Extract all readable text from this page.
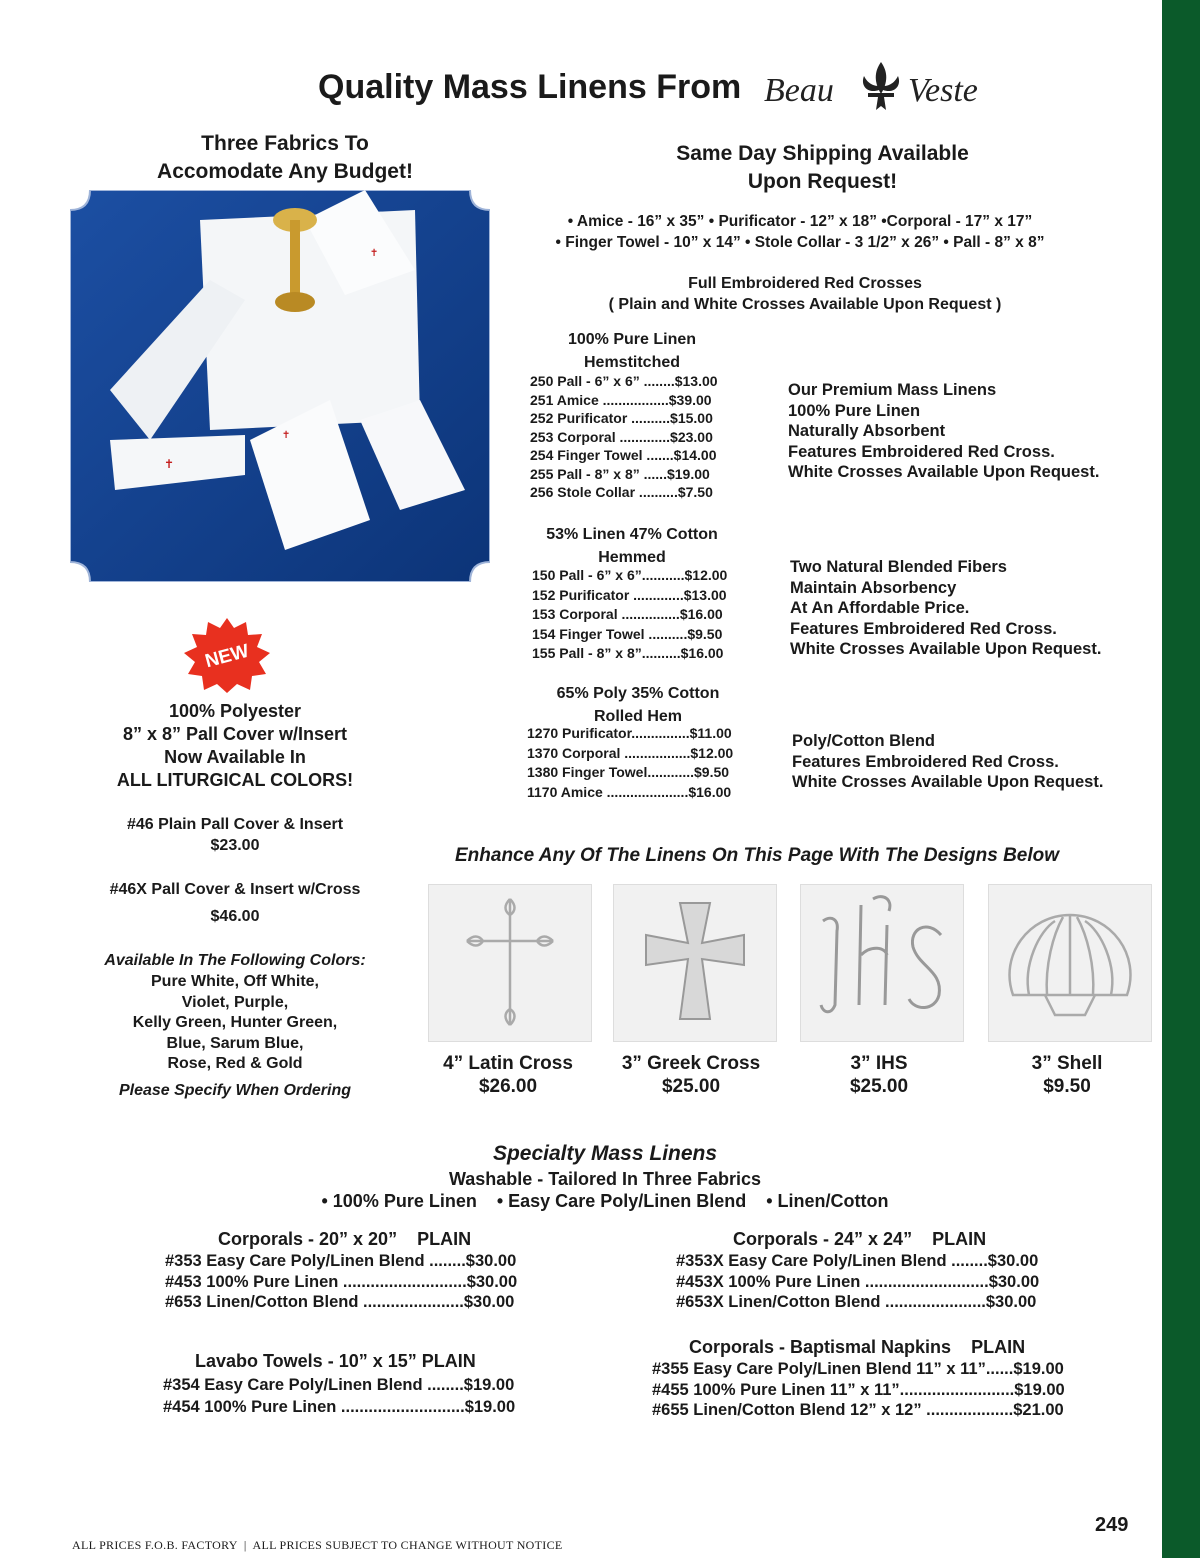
Quality Mass Linens From Beau Veste
Three Fabrics To
Accomodate Any Budget!
✝
✝
✝
NEW
100% Polyester
8” x 8” Pall Cover w/Insert
Now Available In
ALL LITURGICAL COLORS!
#46 Plain Pall Cover & Insert
$23.00
#46X Pall Cover & Insert w/Cross
$46.00
Available In The Following Colors:
Pure White, Off White,
Violet, Purple,
Kelly Green, Hunter Green,
Blue, Sarum Blue,
Rose, Red & Gold
Please Specify When Ordering
Same Day Shipping Available
Upon Request!
• Amice - 16” x 35” • Purificator - 12” x 18” •Corporal - 17” x 17”
• Finger Towel - 10” x 14” • Stole Collar - 3 1/2” x 26” • Pall - 8” x 8”
Full Embroidered Red Crosses
( Plain and White Crosses Available Upon Request )
100% Pure Linen
Hemstitched
250 Pall - 6” x 6” ........$13.00
251 Amice .................$39.00
252 Purificator ..........$15.00
253 Corporal .............$23.00
254 Finger Towel .......$14.00
255 Pall - 8” x 8” ......$19.00
256 Stole Collar ..........$7.50
Our Premium Mass Linens
100% Pure Linen
Naturally Absorbent
Features Embroidered Red Cross.
White Crosses Available Upon Request.
53% Linen 47% Cotton
Hemmed
150 Pall - 6” x 6”...........$12.00
152 Purificator .............$13.00
153 Corporal ...............$16.00
154 Finger Towel ..........$9.50
155 Pall - 8” x 8”..........$16.00
Two Natural Blended Fibers
Maintain Absorbency
At An Affordable Price.
Features Embroidered Red Cross.
White Crosses Available Upon Request.
65% Poly 35% Cotton
Rolled Hem
1270 Purificator...............$11.00
1370 Corporal .................$12.00
1380 Finger Towel............$9.50
1170 Amice .....................$16.00
Poly/Cotton Blend
Features Embroidered Red Cross.
White Crosses Available Upon Request.
Enhance Any Of The Linens On This Page With The Designs Below
4” Latin Cross
$26.00
3” Greek Cross
$25.00
3” IHS
$25.00
3” Shell
$9.50
Specialty Mass Linens
Washable - Tailored In Three Fabrics
• 100% Pure Linen    • Easy Care Poly/Linen Blend    • Linen/Cotton
Corporals - 20” x 20”    PLAIN
#353 Easy Care Poly/Linen Blend ........$30.00
#453 100% Pure Linen ...........................$30.00
#653 Linen/Cotton Blend ......................$30.00
Corporals - 24” x 24”    PLAIN
#353X Easy Care Poly/Linen Blend ........$30.00
#453X 100% Pure Linen ...........................$30.00
#653X Linen/Cotton Blend ......................$30.00
Lavabo Towels - 10” x 15” PLAIN
#354 Easy Care Poly/Linen Blend ........$19.00
#454 100% Pure Linen ...........................$19.00
Corporals - Baptismal Napkins    PLAIN
#355 Easy Care Poly/Linen Blend 11” x 11”......$19.00
#455 100% Pure Linen 11” x 11”.........................$19.00
#655 Linen/Cotton Blend 12” x 12” ...................$21.00
ALL PRICES F.O.B. FACTORY  |  ALL PRICES SUBJECT TO CHANGE WITHOUT NOTICE
249
